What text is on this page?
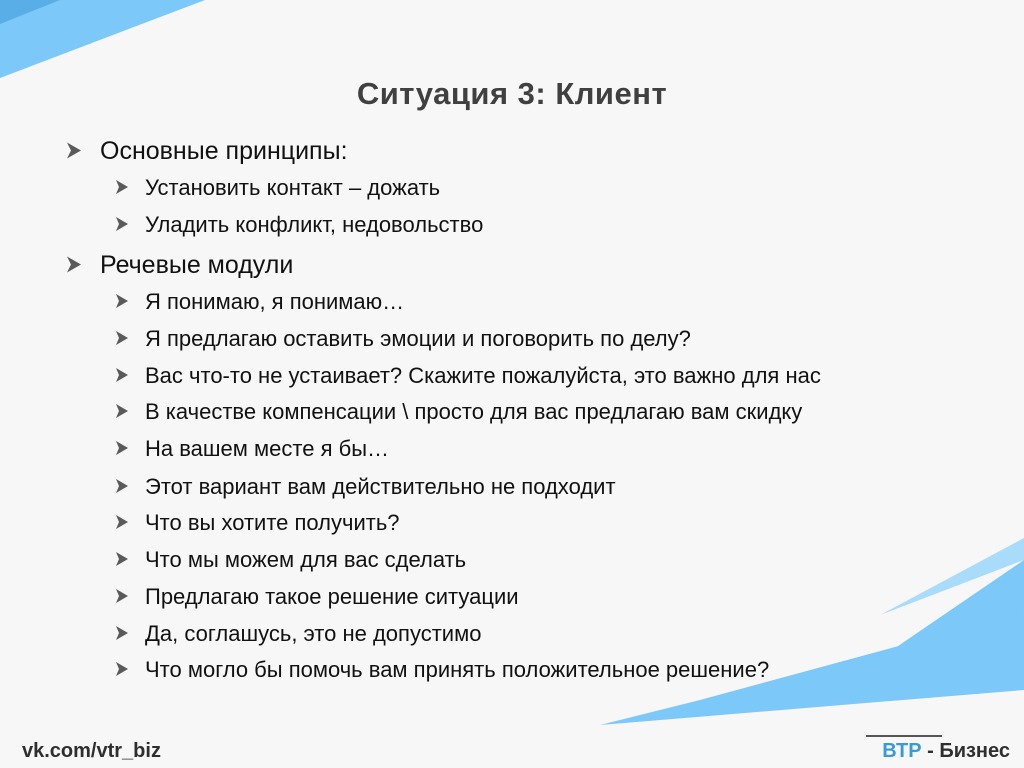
Ситуация 3: Клиент
Основные принципы:
Установить контакт – дожать
Уладить конфликт, недовольство
Речевые модули
Я понимаю, я понимаю…
Я предлагаю оставить эмоции и поговорить по делу?
Вас что-то не устаивает? Скажите пожалуйста, это важно для нас
В качестве компенсации \ просто для вас предлагаю вам скидку
На вашем месте я бы…
Этот вариант вам действительно не подходит
Что вы хотите получить?
Что мы можем для вас сделать
Предлагаю такое решение ситуации
Да, соглашусь, это не допустимо
Что могло бы помочь вам принять положительное решение?
vk.com/vtr_biz	ВТР - Бизнес
